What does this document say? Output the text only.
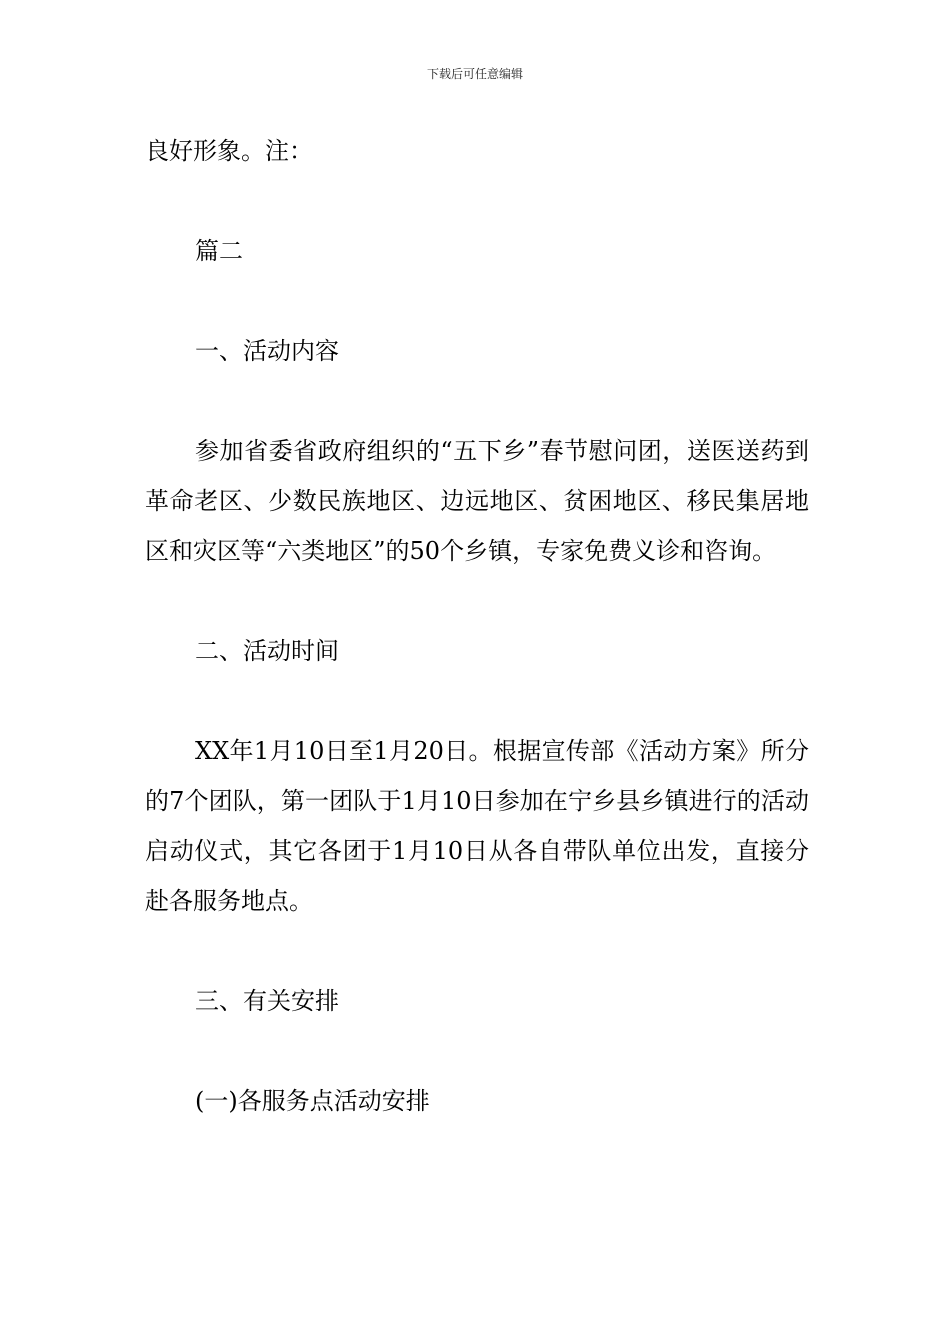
下载后可任意编辑

良好形象。注：

篇二

一、活动内容

参加省委省政府组织的“五下乡”春节慰问团，送医送药到革命老区、少数民族地区、边远地区、贫困地区、移民集居地区和灾区等“六类地区”的50个乡镇，专家免费义诊和咨询。

二、活动时间

XX年1月10日至1月20日。根据宣传部《活动方案》所分的7个团队，第一团队于1月10日参加在宁乡县乡镇进行的活动启动仪式，其它各团于1月10日从各自带队单位出发，直接分赴各服务地点。

三、有关安排

(一)各服务点活动安排
